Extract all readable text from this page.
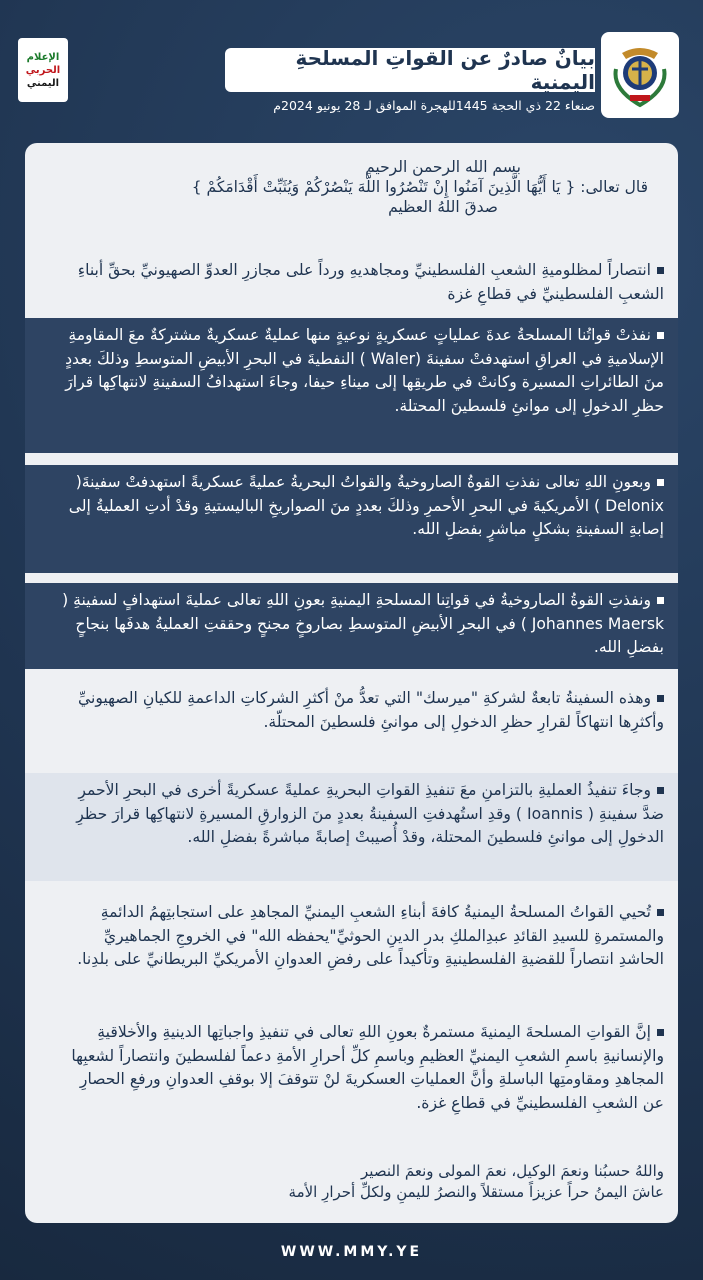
الإعلام
الحربي
اليمني
بيانٌ صادرٌ عن القواتِ المسلحةِ اليمنية
صنعاء 22 ذي الحجة 1445للهجرة الموافق لـ 28 يونيو 2024م
بسم الله الرحمن الرحيم
قال تعالى: { يَا أَيُّهَا الَّذِينَ آمَنُوا إِنْ تَنْصُرُوا اللَّهَ يَنْصُرْكُمْ وَيُثَبِّتْ أَقْدَامَكُمْ }
صدقَ اللهُ العظيم
انتصاراً لمظلوميةِ الشعبِ الفلسطينيِّ ومجاهديهِ ورداً على مجازرِ العدوِّ الصهيونيِّ بحقِّ أبناءِ الشعبِ الفلسطينيِّ في قطاعِ غزة
نفذتْ قواتُنا المسلحةُ عدةَ عملياتٍ عسكريةٍ نوعيةٍ منها عمليةٌ عسكريةٌ مشتركةٌ معَ المقاومةِ الإسلاميةِ في العراقِ استهدفتْ سفينةَ (Waler ) النفطيةَ في البحرِ الأبيضِ المتوسطِ وذلكَ بعددٍ منَ الطائراتِ المسيرة وكانتْ في طريقِها إلى ميناءِ حيفا، وجاءَ استهدافُ السفينةِ لانتهاكِها قرارَ حظرِ الدخولِ إلى موانئِ فلسطينَ المحتلة.
وبعونِ اللهِ تعالى نفذتِ القوةُ الصاروخيةُ والقواتُ البحريةُ عمليةً عسكريةً استهدفتْ سفينةَ( Delonix ) الأمريكيةَ في البحرِ الأحمرِ وذلكَ بعددٍ منَ الصواريخِ الباليستيةِ وقدْ أدتِ العمليةُ إلى إصابةِ السفينةِ بشكلٍ مباشرٍ بفضلِ الله.
ونفذتِ القوةُ الصاروخيةُ في قواتِنا المسلحةِ اليمنيةِ بعونِ اللهِ تعالى عمليةَ استهدافٍ لسفينةِ ( Johannes Maersk ) في البحرِ الأبيضِ المتوسطِ بصاروخٍ مجنحٍ وحققتِ العمليةُ هدفَها بنجاحٍ بفضلِ الله.
وهذه السفينةُ تابعةٌ لشركةِ "ميرسك" التي تعدُّ منْ أكثرِ الشركاتِ الداعمةِ للكيانِ الصهيونيِّ وأكثرِها انتهاكاً لقرارِ حظرِ الدخولِ إلى موانئِ فلسطينَ المحتلّة.
وجاءَ تنفيذُ العمليةِ بالتزامنِ معَ تنفيذِ القواتِ البحريةِ عمليةً عسكريةً أخرى في البحرِ الأحمرِ ضدَّ سفينةِ ( Ioannis ) وقدِ استُهدفتِ السفينةُ بعددٍ منَ الزوارقِ المسيرةِ لانتهاكِها قرارَ حظرِ الدخولِ إلى موانئِ فلسطينَ المحتلة، وقدْ أُصيبتْ إصابةً مباشرةً بفضلِ الله.
تُحيي القواتُ المسلحةُ اليمنيةُ كافةَ أبناءِ الشعبِ اليمنيِّ المجاهدِ على استجابتِهمُ الدائمةِ والمستمرةِ للسيدِ القائدِ عبدِالملكِ بدر الدينِ الحوثيِّ"يحفظه الله" في الخروجِ الجماهيريِّ الحاشدِ انتصاراً للقضيةِ الفلسطينيةِ وتأكيداً على رفضِ العدوانِ الأمريكيِّ البريطانيِّ على بلدِنا.
إنَّ القواتِ المسلحةَ اليمنيةَ مستمرةٌ بعونِ اللهِ تعالى في تنفيذِ واجباتِها الدينيةِ والأخلاقيةِ والإنسانيةِ باسمِ الشعبِ اليمنيِّ العظيمِ وباسمِ كلِّ أحرارِ الأمةِ دعماً لفلسطينَ وانتصاراً لشعبِها المجاهدِ ومقاومتِها الباسلةِ وأنَّ العملياتِ العسكريةَ لنْ تتوقفَ إلا بوقفِ العدوانِ ورفعِ الحصارِ عن الشعبِ الفلسطينيِّ في قطاعِ غزة.
واللهُ حسبُنا ونعمَ الوكيل، نعمَ المولى ونعمَ النصير
عاشَ اليمنُ حراً عزيزاً مستقلاً والنصرُ لليمنِ ولكلِّ أحرارِ الأمة
WWW.MMY.YE
